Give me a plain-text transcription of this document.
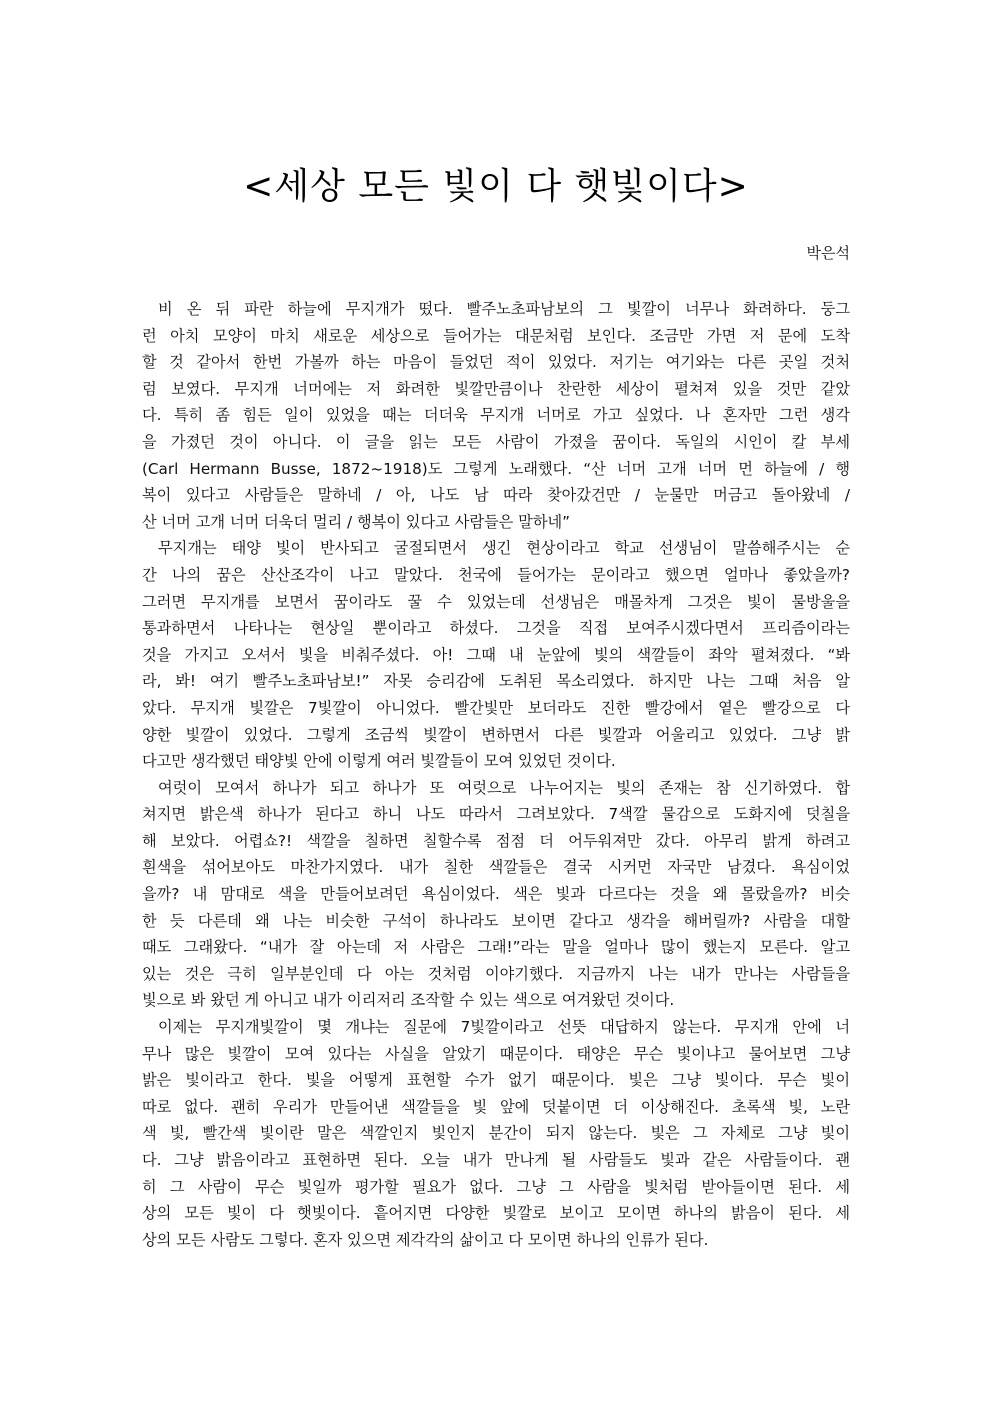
<세상 모든 빛이 다 햇빛이다>
박은석
비 온 뒤 파란 하늘에 무지개가 떴다. 빨주노초파남보의 그 빛깔이 너무나 화려하다. 둥그
런 아치 모양이 마치 새로운 세상으로 들어가는 대문처럼 보인다. 조금만 가면 저 문에 도착
할 것 같아서 한번 가볼까 하는 마음이 들었던 적이 있었다. 저기는 여기와는 다른 곳일 것처
럼 보였다. 무지개 너머에는 저 화려한 빛깔만큼이나 찬란한 세상이 펼쳐져 있을 것만 같았
다. 특히 좀 힘든 일이 있었을 때는 더더욱 무지개 너머로 가고 싶었다. 나 혼자만 그런 생각
을 가졌던 것이 아니다. 이 글을 읽는 모든 사람이 가졌을 꿈이다. 독일의 시인이 칼 부세
(Carl Hermann Busse, 1872~1918)도 그렇게 노래했다. “산 너머 고개 너머 먼 하늘에 / 행
복이 있다고 사람들은 말하네 / 아, 나도 남 따라 찾아갔건만 / 눈물만 머금고 돌아왔네 /
산 너머 고개 너머 더욱더 멀리 / 행복이 있다고 사람들은 말하네”
무지개는 태양 빛이 반사되고 굴절되면서 생긴 현상이라고 학교 선생님이 말씀해주시는 순
간 나의 꿈은 산산조각이 나고 말았다. 천국에 들어가는 문이라고 했으면 얼마나 좋았을까?
그러면 무지개를 보면서 꿈이라도 꿀 수 있었는데 선생님은 매몰차게 그것은 빛이 물방울을
통과하면서 나타나는 현상일 뿐이라고 하셨다. 그것을 직접 보여주시겠다면서 프리즘이라는
것을 가지고 오셔서 빛을 비춰주셨다. 아! 그때 내 눈앞에 빛의 색깔들이 좌악 펼쳐졌다. “봐
라, 봐! 여기 빨주노초파남보!” 자못 승리감에 도취된 목소리였다. 하지만 나는 그때 처음 알
았다. 무지개 빛깔은 7빛깔이 아니었다. 빨간빛만 보더라도 진한 빨강에서 옅은 빨강으로 다
양한 빛깔이 있었다. 그렇게 조금씩 빛깔이 변하면서 다른 빛깔과 어울리고 있었다. 그냥 밝
다고만 생각했던 태양빛 안에 이렇게 여러 빛깔들이 모여 있었던 것이다.
여럿이 모여서 하나가 되고 하나가 또 여럿으로 나누어지는 빛의 존재는 참 신기하였다. 합
쳐지면 밝은색 하나가 된다고 하니 나도 따라서 그려보았다. 7색깔 물감으로 도화지에 덧칠을
해 보았다. 어렵쇼?! 색깔을 칠하면 칠할수록 점점 더 어두워져만 갔다. 아무리 밝게 하려고
흰색을 섞어보아도 마찬가지였다. 내가 칠한 색깔들은 결국 시커먼 자국만 남겼다. 욕심이었
을까? 내 맘대로 색을 만들어보려던 욕심이었다. 색은 빛과 다르다는 것을 왜 몰랐을까? 비슷
한 듯 다른데 왜 나는 비슷한 구석이 하나라도 보이면 같다고 생각을 해버릴까? 사람을 대할
때도 그래왔다. “내가 잘 아는데 저 사람은 그래!”라는 말을 얼마나 많이 했는지 모른다. 알고
있는 것은 극히 일부분인데 다 아는 것처럼 이야기했다. 지금까지 나는 내가 만나는 사람들을
빛으로 봐 왔던 게 아니고 내가 이리저리 조작할 수 있는 색으로 여겨왔던 것이다.
이제는 무지개빛깔이 몇 개냐는 질문에 7빛깔이라고 선뜻 대답하지 않는다. 무지개 안에 너
무나 많은 빛깔이 모여 있다는 사실을 알았기 때문이다. 태양은 무슨 빛이냐고 물어보면 그냥
밝은 빛이라고 한다. 빛을 어떻게 표현할 수가 없기 때문이다. 빛은 그냥 빛이다. 무슨 빛이
따로 없다. 괜히 우리가 만들어낸 색깔들을 빛 앞에 덧붙이면 더 이상해진다. 초록색 빛, 노란
색 빛, 빨간색 빛이란 말은 색깔인지 빛인지 분간이 되지 않는다. 빛은 그 자체로 그냥 빛이
다. 그냥 밝음이라고 표현하면 된다. 오늘 내가 만나게 될 사람들도 빛과 같은 사람들이다. 괜
히 그 사람이 무슨 빛일까 평가할 필요가 없다. 그냥 그 사람을 빛처럼 받아들이면 된다. 세
상의 모든 빛이 다 햇빛이다. 흩어지면 다양한 빛깔로 보이고 모이면 하나의 밝음이 된다. 세
상의 모든 사람도 그렇다. 혼자 있으면 제각각의 삶이고 다 모이면 하나의 인류가 된다.
